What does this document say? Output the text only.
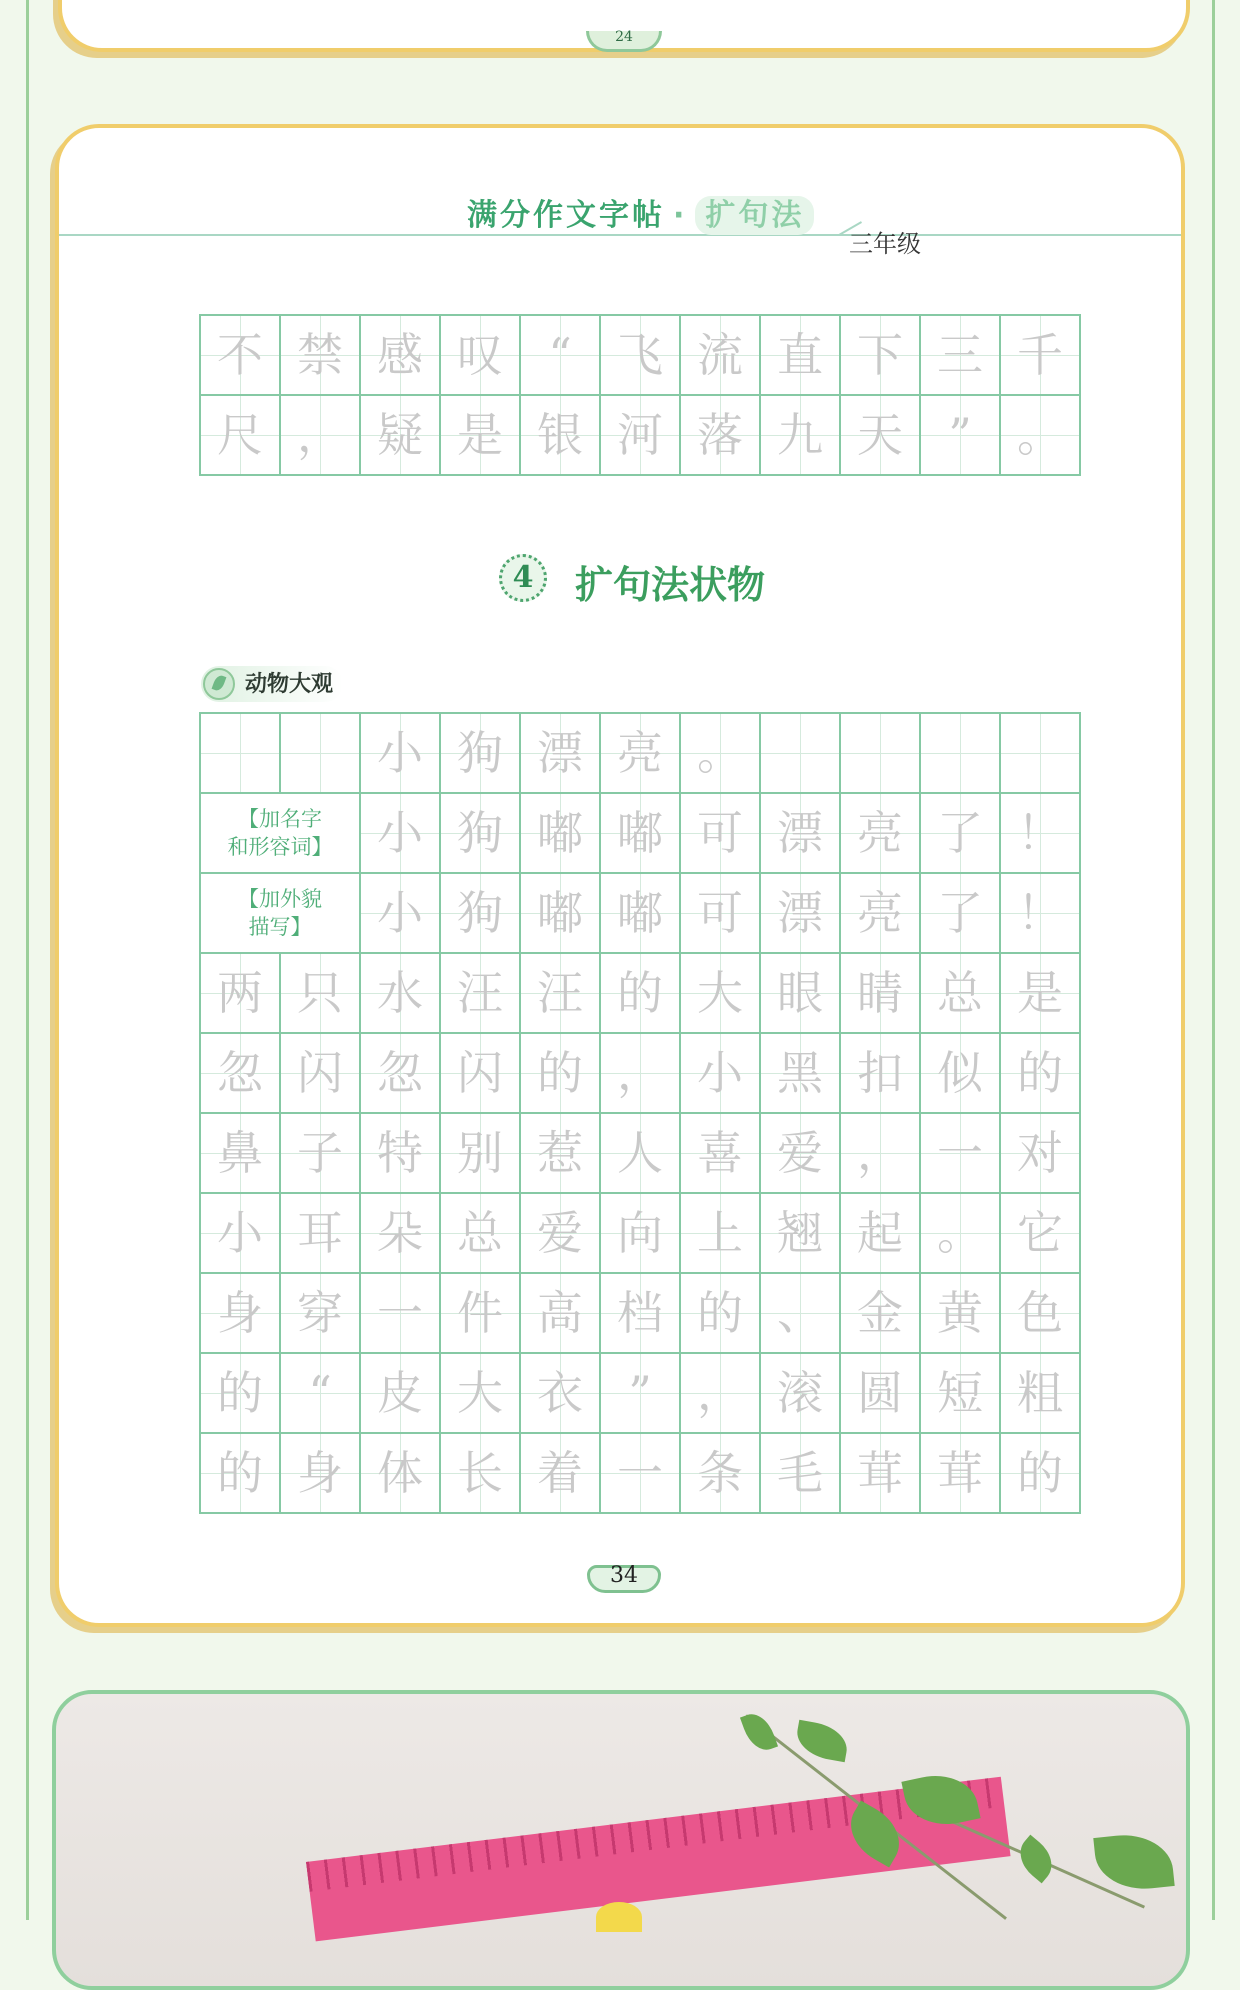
24
满分作文字帖 · 扩句法
三年级
不	禁	感	叹	“	飞	流	直	下	三	千
尺	，	疑	是	银	河	落	九	天	”	。
4	扩句法状物
动物大观
		小	狗	漂	亮	。				
【加名字
和形容词】		小	狗	嘟	嘟	可	漂	亮	了	！
【加外貌
描写】		小	狗	嘟	嘟	可	漂	亮	了	！
两	只	水	汪	汪	的	大	眼	睛	总	是
忽	闪	忽	闪	的	，	小	黑	扣	似	的
鼻	子	特	别	惹	人	喜	爱	，	一	对
小	耳	朵	总	爱	向	上	翘	起	。	它
身	穿	一	件	高	档	的	、	金	黄	色
的	“	皮	大	衣	”	，	滚	圆	短	粗
的	身	体	长	着	一	条	毛	茸	茸	的
34
